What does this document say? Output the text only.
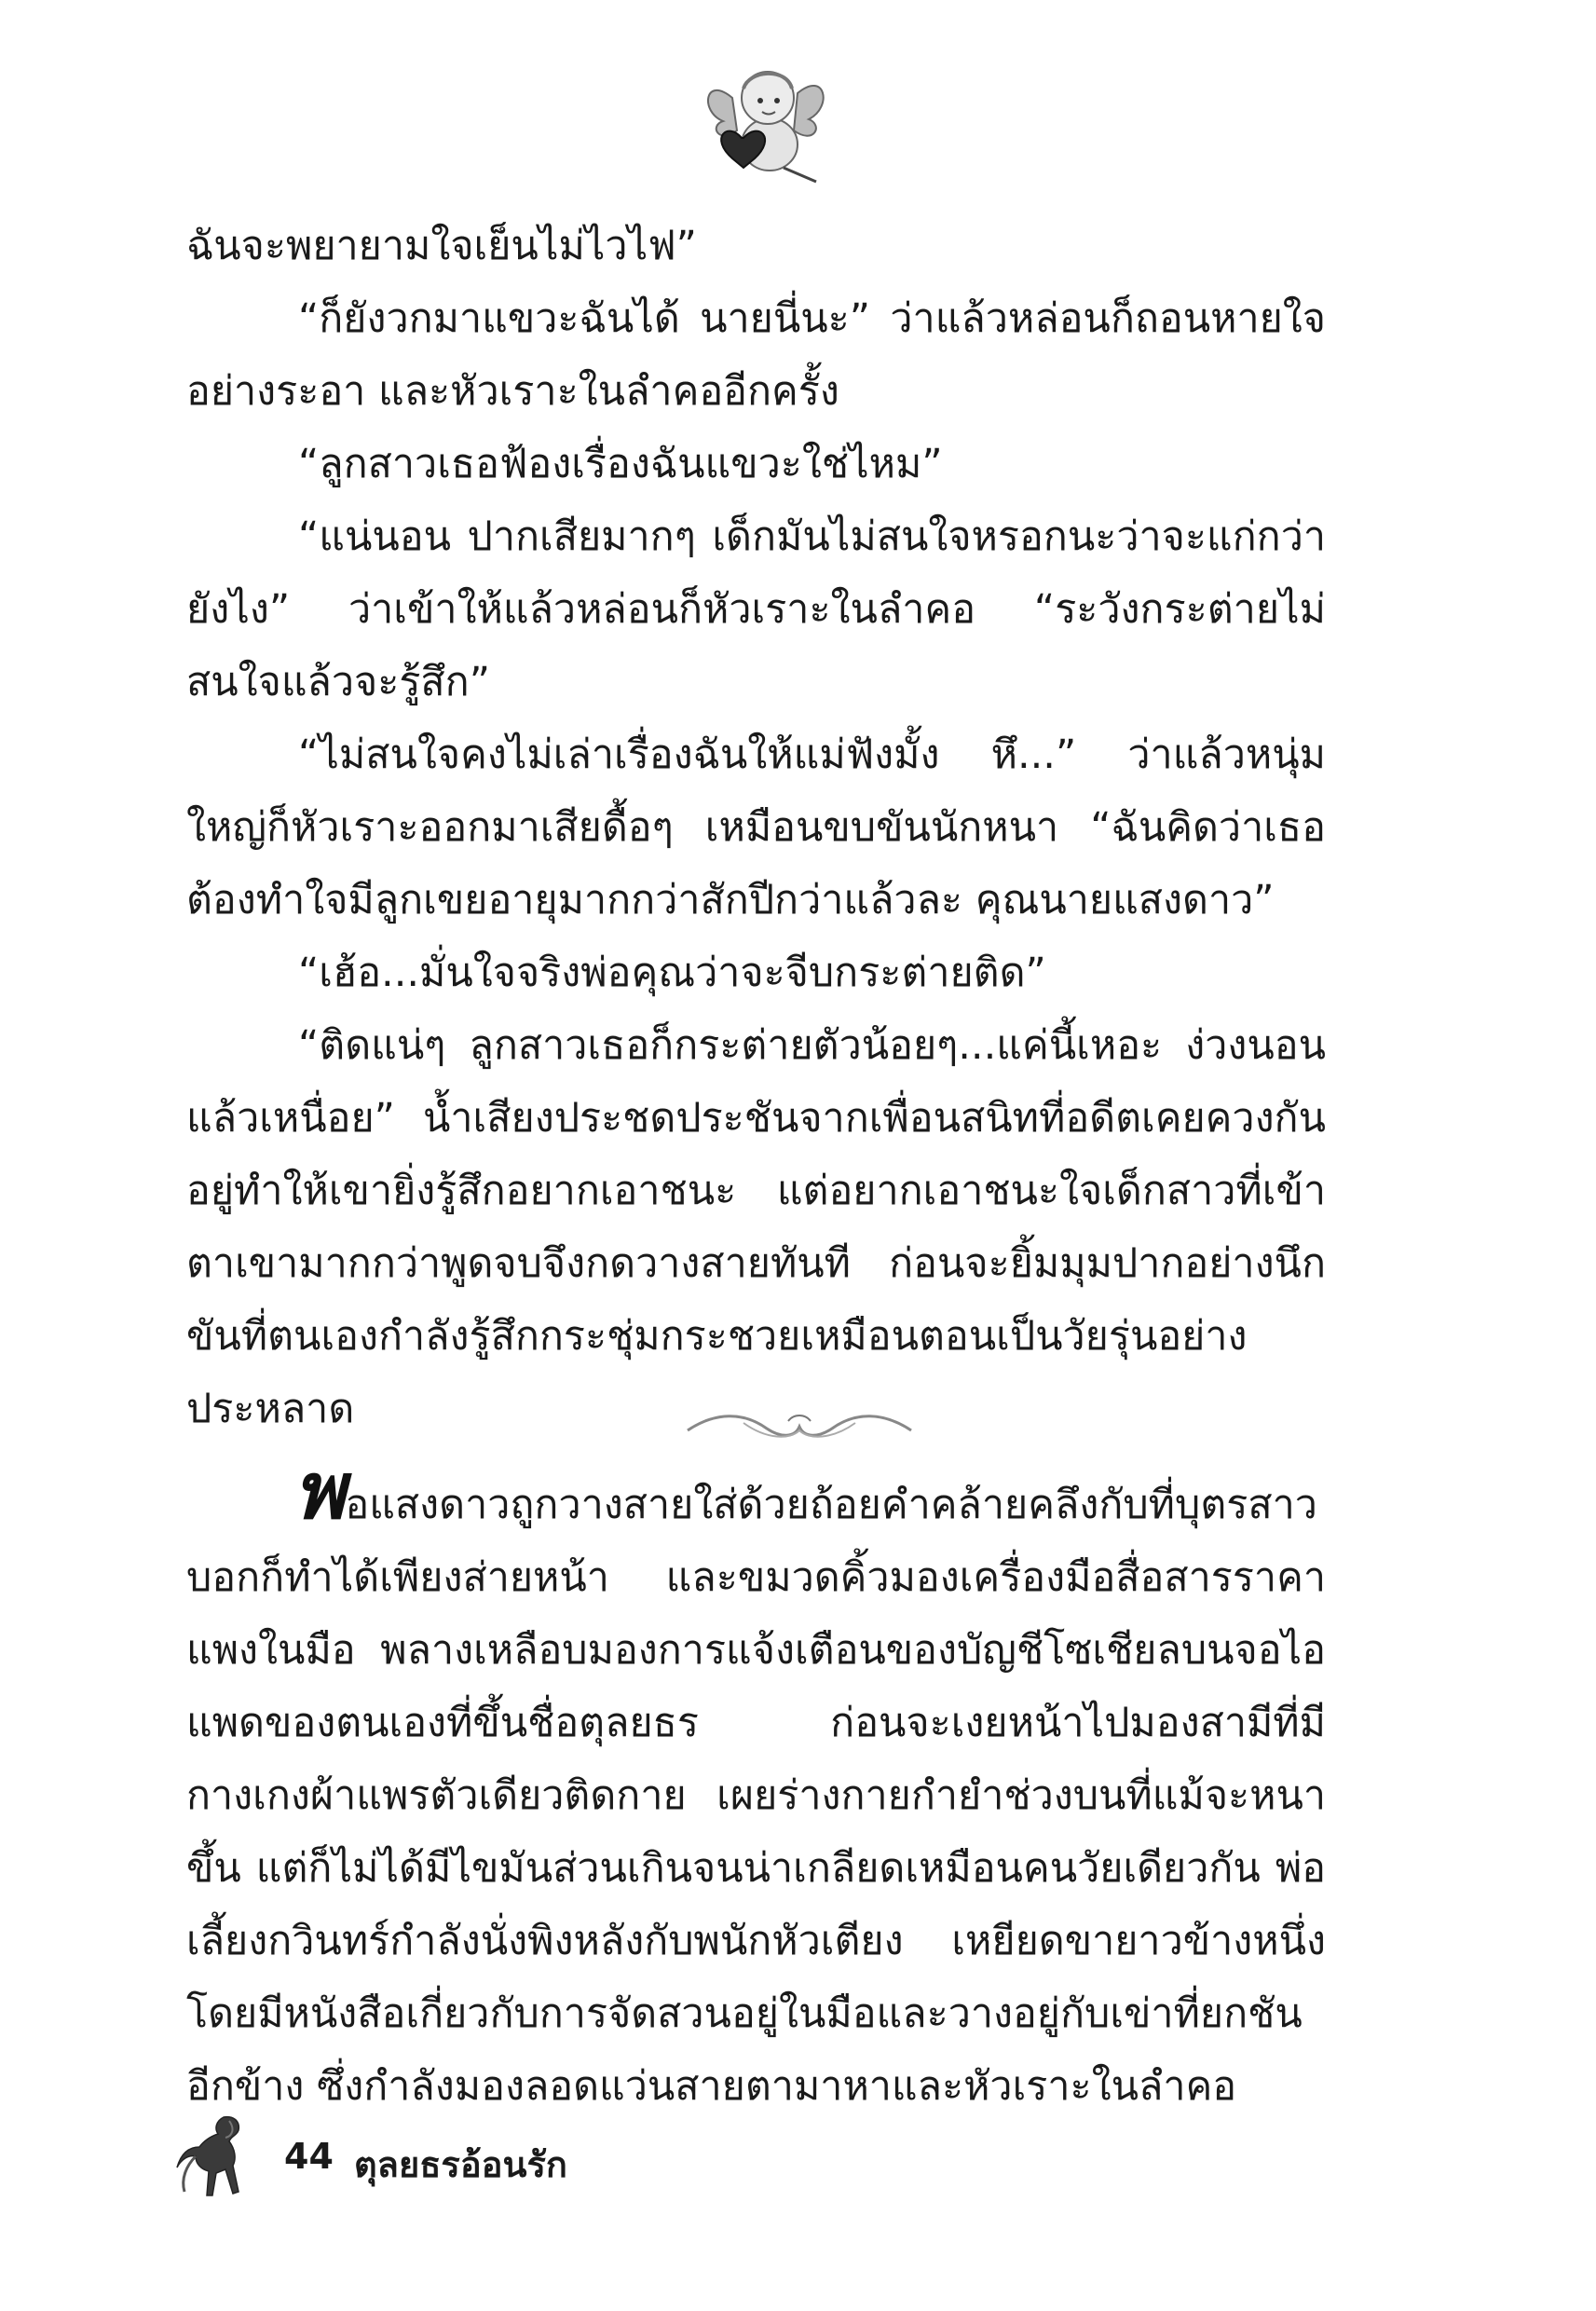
ฉันจะพยายามใจเย็นไม่ไวไฟ”

“ก็ยังวกมาแขวะฉันได้ นายนี่นะ” ว่าแล้วหล่อนก็ถอนหายใจอย่างระอา และหัวเราะในลำคออีกครั้ง

“ลูกสาวเธอฟ้องเรื่องฉันแขวะใช่ไหม”

“แน่นอน ปากเสียมากๆ เด็กมันไม่สนใจหรอกนะว่าจะแก่กว่ายังไง” ว่าเข้าให้แล้วหล่อนก็หัวเราะในลำคอ “ระวังกระต่ายไม่สนใจแล้วจะรู้สึก”

“ไม่สนใจคงไม่เล่าเรื่องฉันให้แม่ฟังมั้ง หึ...” ว่าแล้วหนุ่มใหญ่ก็หัวเราะออกมาเสียดื้อๆ เหมือนขบขันนักหนา “ฉันคิดว่าเธอต้องทำใจมีลูกเขยอายุมากกว่าสักปีกว่าแล้วละ คุณนายแสงดาว”

“เฮ้อ...มั่นใจจริงพ่อคุณว่าจะจีบกระต่ายติด”

“ติดแน่ๆ ลูกสาวเธอก็กระต่ายตัวน้อยๆ...แค่นี้เหอะ ง่วงนอนแล้วเหนื่อย” น้ำเสียงประชดประชันจากเพื่อนสนิทที่อดีตเคยควงกันอยู่ทำให้เขายิ่งรู้สึกอยากเอาชนะ แต่อยากเอาชนะใจเด็กสาวที่เข้าตาเขามากกว่าพูดจบจึงกดวางสายทันที ก่อนจะยิ้มมุมปากอย่างนึกขันที่ตนเองกำลังรู้สึกกระชุ่มกระชวยเหมือนตอนเป็นวัยรุ่นอย่างประหลาด

พอแสงดาวถูกวางสายใส่ด้วยถ้อยคำคล้ายคลึงกับที่บุตรสาวบอกก็ทำได้เพียงส่ายหน้า และขมวดคิ้วมองเครื่องมือสื่อสารราคาแพงในมือ พลางเหลือบมองการแจ้งเตือนของบัญชีโซเชียลบนจอไอแพดของตนเองที่ขึ้นชื่อตุลยธร ก่อนจะเงยหน้าไปมองสามีที่มีกางเกงผ้าแพรตัวเดียวติดกาย เผยร่างกายกำยำช่วงบนที่แม้จะหนาขึ้น แต่ก็ไม่ได้มีไขมันส่วนเกินจนน่าเกลียดเหมือนคนวัยเดียวกัน พ่อเลี้ยงกวินทร์กำลังนั่งพิงหลังกับพนักหัวเตียง เหยียดขายาวข้างหนึ่งโดยมีหนังสือเกี่ยวกับการจัดสวนอยู่ในมือและวางอยู่กับเข่าที่ยกชันอีกข้าง ซึ่งกำลังมองลอดแว่นสายตามาหาและหัวเราะในลำคอ

44 ตุลยธรอ้อนรัก
